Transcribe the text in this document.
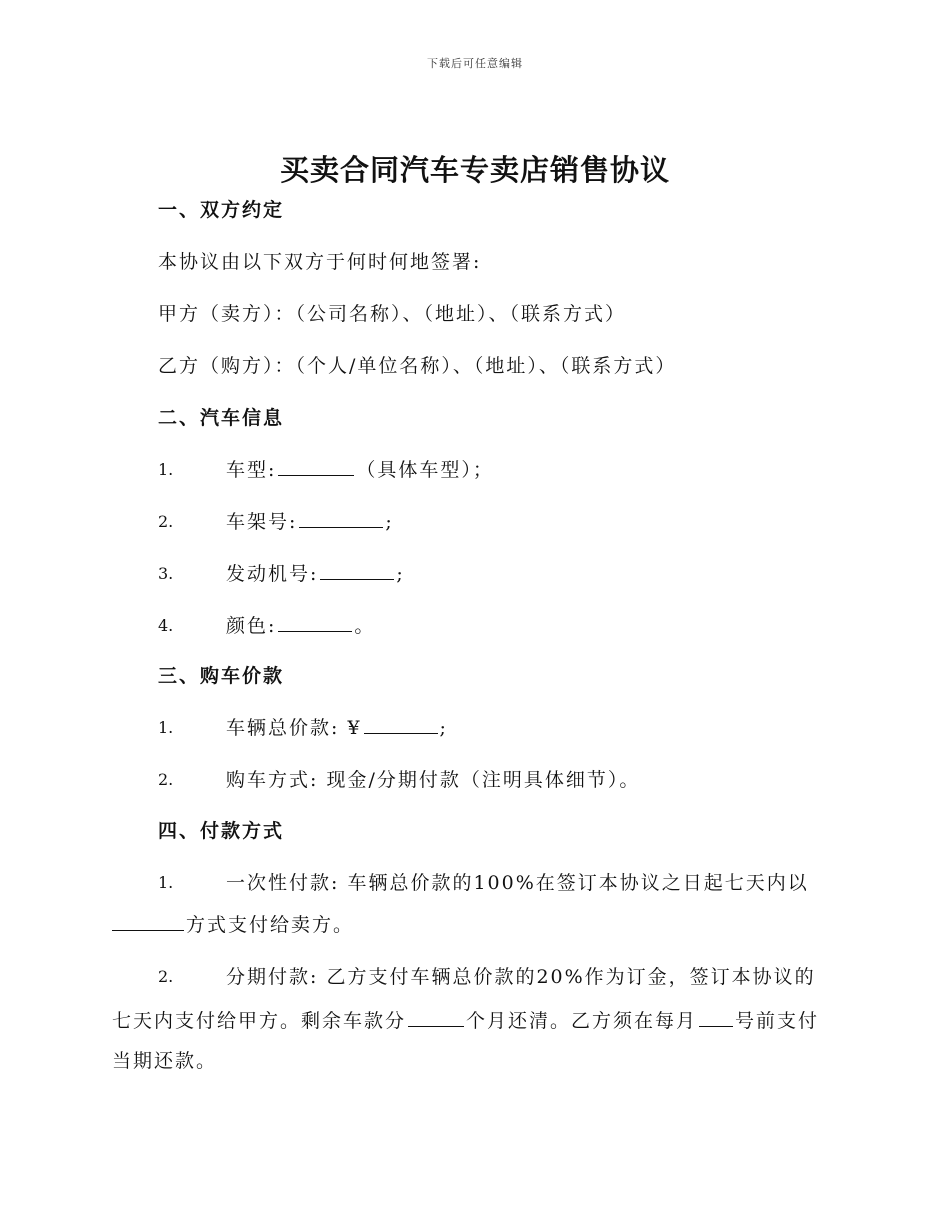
下载后可任意编辑
买卖合同汽车专卖店销售协议
一、双方约定
本协议由以下双方于何时何地签署:
甲方（卖方）：（公司名称）、（地址）、（联系方式）
乙方（购方）：（个人/单位名称）、（地址）、（联系方式）
二、汽车信息
1.	车型:	（具体车型）；
2.	车架号:	;
3.	发动机号:	;
4.	颜色:	。
三、购车价款
1.	车辆总价款: ¥	;
2.	购车方式: 现金/分期付款（注明具体细节）。
四、付款方式
1.	一次性付款: 车辆总价款的100%在签订本协议之日起七天内以
方式支付给卖方。
2.	分期付款: 乙方支付车辆总价款的20%作为订金，签订本协议的
七天内支付给甲方。剩余车款分	个月还清。乙方须在每月 号前支付
当期还款。
